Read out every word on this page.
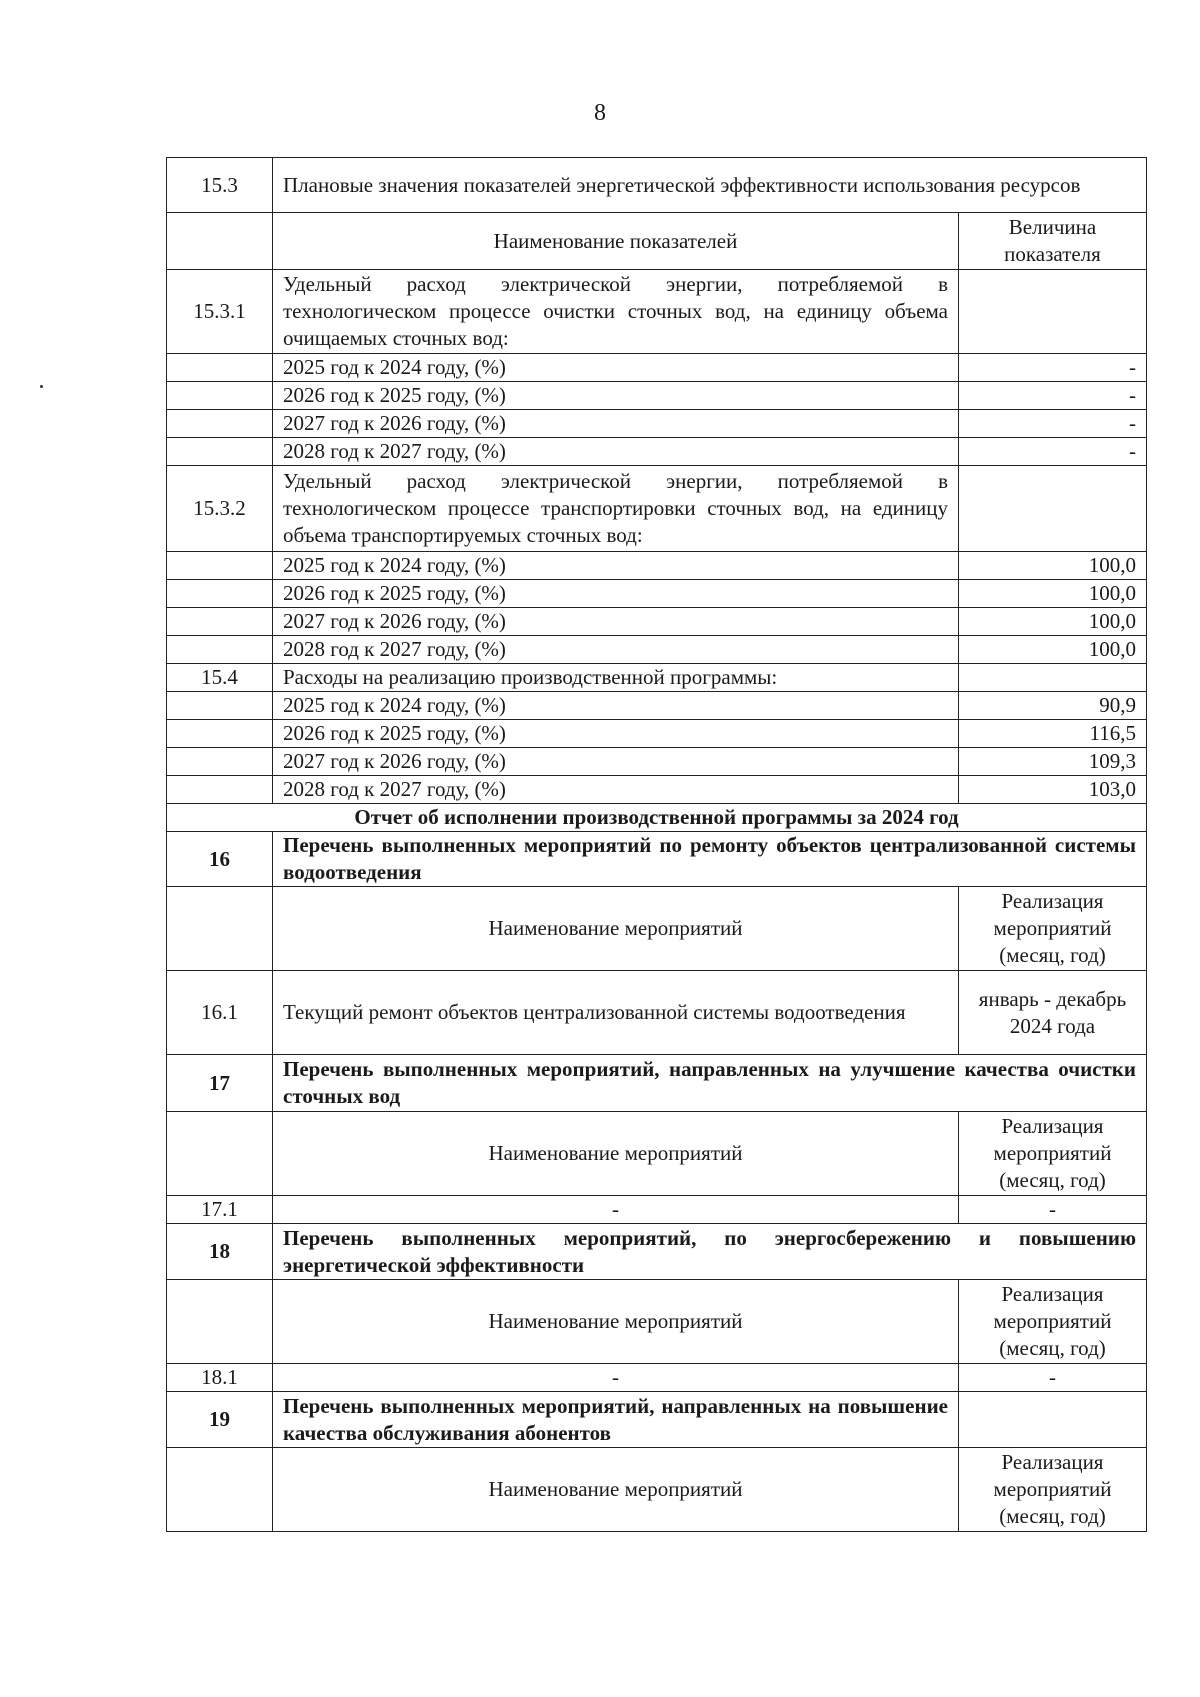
8
15.3	Плановые значения показателей энергетической эффективности использования ресурсов	
	Наименование показателей	Величина показателя
15.3.1	Удельный расход электрической энергии, потребляемой в технологическом процессе очистки сточных вод, на единицу объема очищаемых сточных вод:	
	2025 год к 2024 году, (%)	-
	2026 год к 2025 году, (%)	-
	2027 год к 2026 году, (%)	-
	2028 год к 2027 году, (%)	-
15.3.2	Удельный расход электрической энергии, потребляемой в технологическом процессе транспортировки сточных вод, на единицу объема транспортируемых сточных вод:	
	2025 год к 2024 году, (%)	100,0
	2026 год к 2025 году, (%)	100,0
	2027 год к 2026 году, (%)	100,0
	2028 год к 2027 году, (%)	100,0
15.4	Расходы на реализацию производственной программы:	
	2025 год к 2024 году, (%)	90,9
	2026 год к 2025 году, (%)	116,5
	2027 год к 2026 году, (%)	109,3
	2028 год к 2027 году, (%)	103,0
Отчет об исполнении производственной программы за 2024 год		
16	Перечень выполненных мероприятий по ремонту объектов централизованной системы водоотведения	
	Наименование мероприятий	Реализация мероприятий (месяц, год)
16.1	Текущий ремонт объектов централизованной системы водоотведения	январь - декабрь 2024 года
17	Перечень выполненных мероприятий, направленных на улучшение качества очистки сточных вод	
	Наименование мероприятий	Реализация мероприятий (месяц, год)
17.1	-	-
18	Перечень выполненных мероприятий, по энергосбережению и повышению энергетической эффективности	
	Наименование мероприятий	Реализация мероприятий (месяц, год)
18.1	-	-
19	Перечень выполненных мероприятий, направленных на повышение качества обслуживания абонентов	
	Наименование мероприятий	Реализация мероприятий (месяц, год)
